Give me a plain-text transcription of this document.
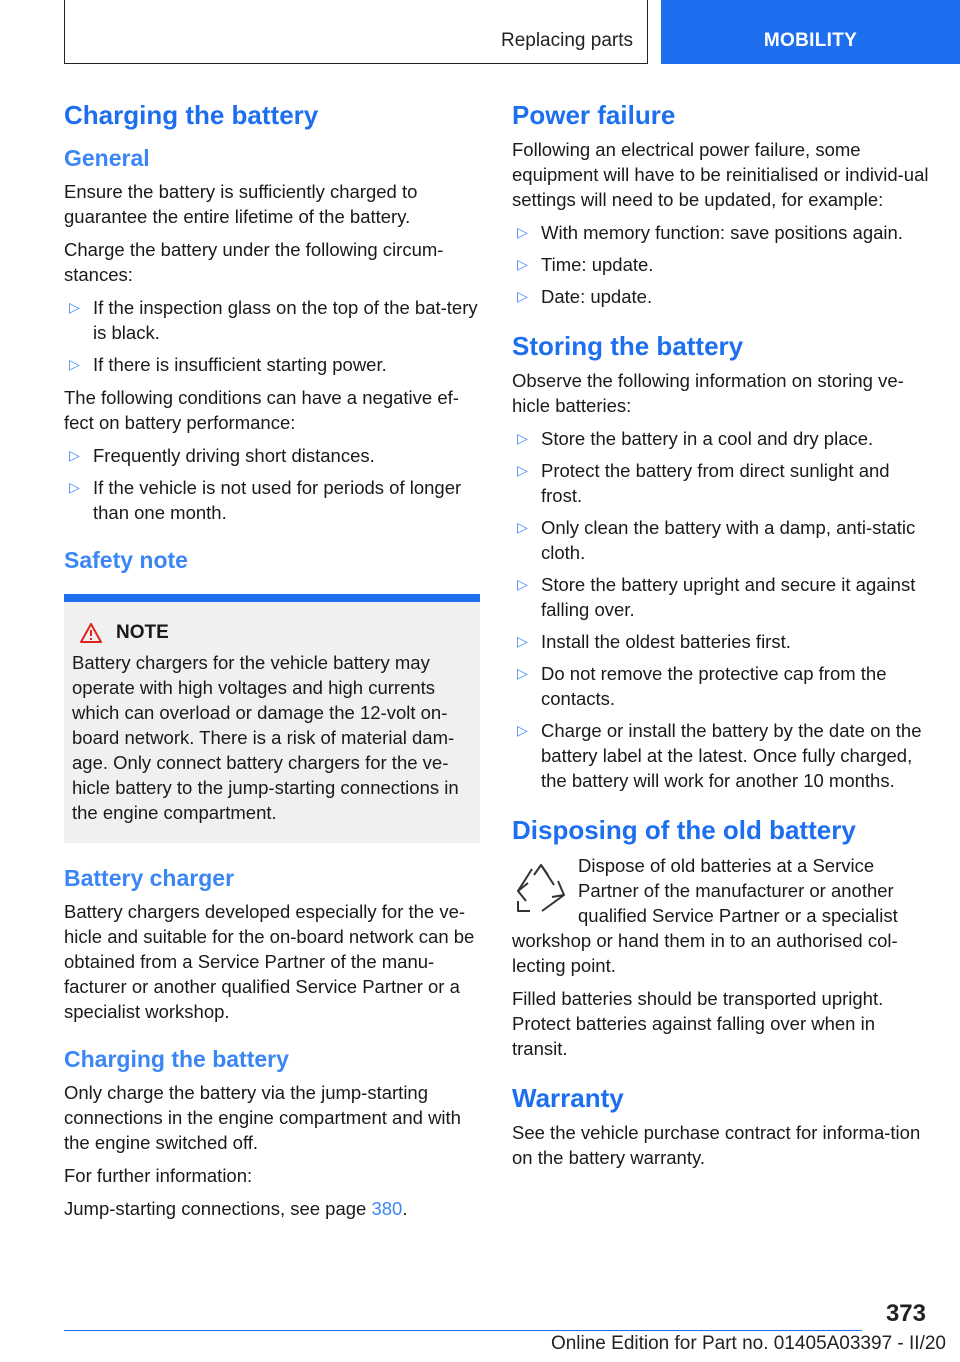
Replacing parts	MOBILITY
Charging the battery
General

Ensure the battery is sufficiently charged to guarantee the entire lifetime of the battery.

Charge the battery under the following circum-stances:

▷ If the inspection glass on the top of the bat-tery is black.
▷ If there is insufficient starting power.

The following conditions can have a negative ef-fect on battery performance:

▷ Frequently driving short distances.
▷ If the vehicle is not used for periods of longer than one month.
Safety note
NOTE

Battery chargers for the vehicle battery may operate with high voltages and high currents which can overload or damage the 12-volt on-board network. There is a risk of material dam-age. Only connect battery chargers for the ve-hicle battery to the jump-starting connections in the engine compartment.

Battery charger

Battery chargers developed especially for the ve-hicle and suitable for the on-board network can be obtained from a Service Partner of the manu-facturer or another qualified Service Partner or a specialist workshop.

Charging the battery

Only charge the battery via the jump-starting connections in the engine compartment and with the engine switched off.

For further information:

Jump-starting connections, see page 380.

Power failure

Following an electrical power failure, some equipment will have to be reinitialised or individ-ual settings will need to be updated, for example:

▷ With memory function: save positions again.
▷ Time: update.
▷ Date: update.
Storing the battery

Observe the following information on storing ve-hicle batteries:

▷ Store the battery in a cool and dry place.
▷ Protect the battery from direct sunlight and frost.
▷ Only clean the battery with a damp, anti-static cloth.
▷ Store the battery upright and secure it against falling over.
▷ Install the oldest batteries first.
▷ Do not remove the protective cap from the contacts.
▷ Charge or install the battery by the date on the battery label at the latest. Once fully charged, the battery will work for another 10 months.
Disposing of the old battery

Dispose of old batteries at a Service Partner of the manufacturer or another qualified Service Partner or a specialist workshop or hand them in to an authorised col-lecting point.

Filled batteries should be transported upright. Protect batteries against falling over when in transit.

Warranty

See the vehicle purchase contract for informa-tion on the battery warranty.

373
Online Edition for Part no. 01405A03397 - II/20
